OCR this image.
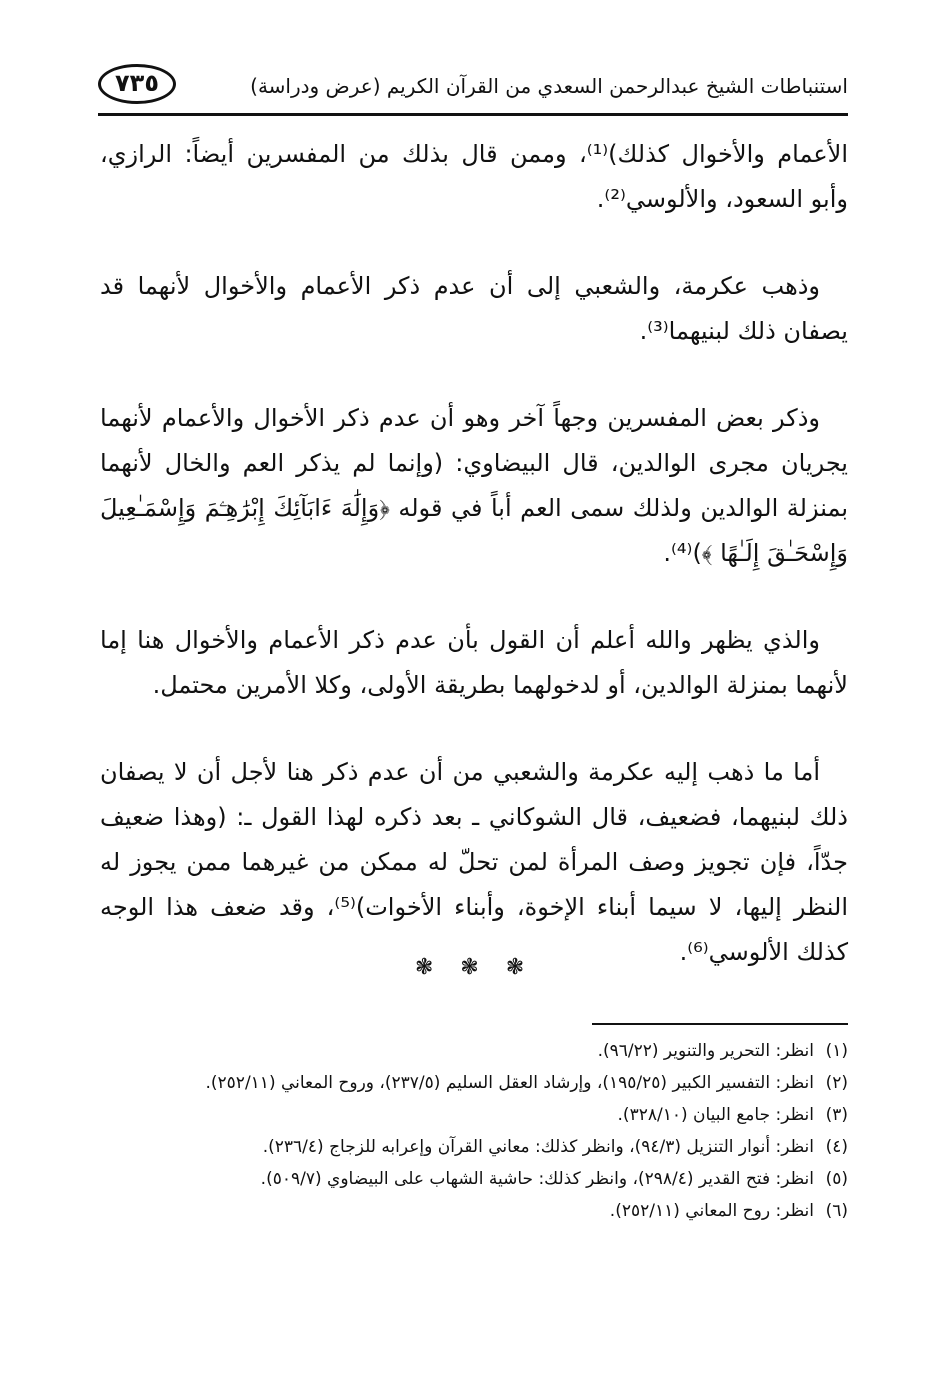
استنباطات الشيخ عبدالرحمن السعدي من القرآن الكريم (عرض ودراسة)
٧٣٥

الأعمام والأخوال كذلك)⁽¹⁾، وممن قال بذلك من المفسرين أيضاً: الرازي، وأبو السعود، والألوسي⁽²⁾.

وذهب عكرمة، والشعبي إلى أن عدم ذكر الأعمام والأخوال لأنهما قد يصفان ذلك لبنيهما⁽³⁾.

وذكر بعض المفسرين وجهاً آخر وهو أن عدم ذكر الأخوال والأعمام لأنهما يجريان مجرى الوالدين، قال البيضاوي: (وإنما لم يذكر العم والخال لأنهما بمنزلة الوالدين ولذلك سمى العم أباً في قوله ﴿وَإِلَٰهَ ءَابَآئِكَ إِبْرَٰهِـۧمَ وَإِسْمَـٰعِيلَ وَإِسْحَـٰقَ إِلَـٰهًا ﴾)⁽⁴⁾.

والذي يظهر والله أعلم أن القول بأن عدم ذكر الأعمام والأخوال هنا إما لأنهما بمنزلة الوالدين، أو لدخولهما بطريقة الأولى، وكلا الأمرين محتمل.

أما ما ذهب إليه عكرمة والشعبي من أن عدم ذكر هنا لأجل أن لا يصفان ذلك لبنيهما، فضعيف، قال الشوكاني ـ بعد ذكره لهذا القول ـ: (وهذا ضعيف جدّاً، فإن تجويز وصف المرأة لمن تحلّ له ممكن من غيرهما ممن يجوز له النظر إليها، لا سيما أبناء الإخوة، وأبناء الأخوات)⁽⁵⁾، وقد ضعف هذا الوجه كذلك الألوسي⁽⁶⁾.

❃ ❃ ❃
(١)
انظر: التحرير والتنوير (٩٦/٢٢).
(٢)
انظر: التفسير الكبير (١٩٥/٢٥)، وإرشاد العقل السليم (٢٣٧/٥)، وروح المعاني (٢٥٢/١١).
(٣)
انظر: جامع البيان (٣٢٨/١٠).
(٤)
انظر: أنوار التنزيل (٩٤/٣)، وانظر كذلك: معاني القرآن وإعرابه للزجاج (٢٣٦/٤).
(٥)
انظر: فتح القدير (٢٩٨/٤)، وانظر كذلك: حاشية الشهاب على البيضاوي (٥٠٩/٧).
(٦)
انظر: روح المعاني (٢٥٢/١١).
